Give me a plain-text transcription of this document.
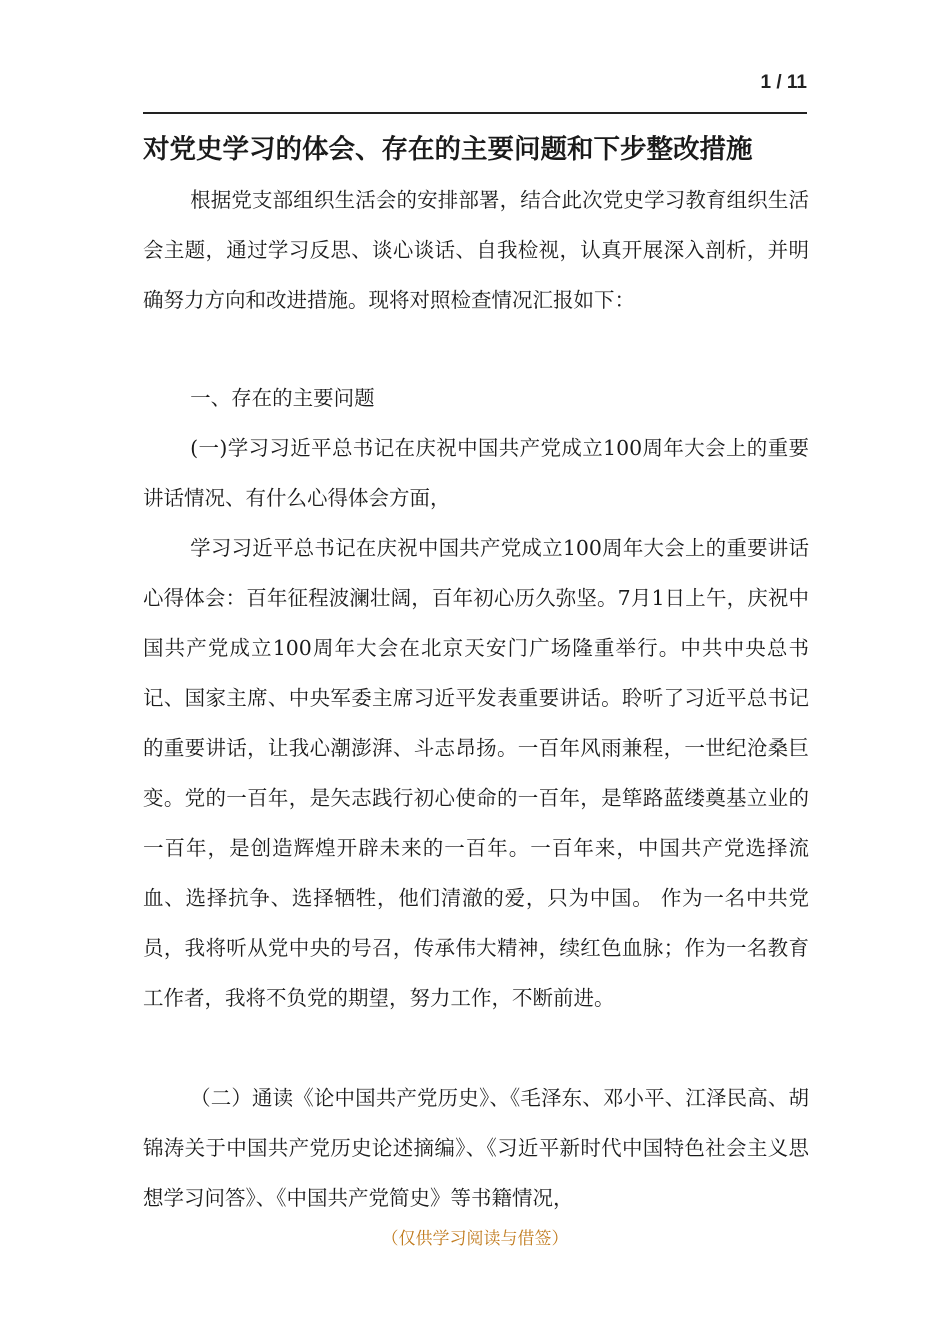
1 / 11
对党史学习的体会、存在的主要问题和下步整改措施

根据党支部组织生活会的安排部署，结合此次党史学习教育组织生活会主题，通过学习反思、谈心谈话、自我检视，认真开展深入剖析，并明确努力方向和改进措施。现将对照检查情况汇报如下：

一、存在的主要问题

(一)学习习近平总书记在庆祝中国共产党成立100周年大会上的重要讲话情况、有什么心得体会方面，

学习习近平总书记在庆祝中国共产党成立100周年大会上的重要讲话心得体会：百年征程波澜壮阔，百年初心历久弥坚。7月1日上午，庆祝中国共产党成立100周年大会在北京天安门广场隆重举行。中共中央总书记、国家主席、中央军委主席习近平发表重要讲话。聆听了习近平总书记的重要讲话，让我心潮澎湃、斗志昂扬。一百年风雨兼程，一世纪沧桑巨变。党的一百年，是矢志践行初心使命的一百年，是筚路蓝缕奠基立业的一百年，是创造辉煌开辟未来的一百年。一百年来，中国共产党选择流血、选择抗争、选择牺牲，他们清澈的爱，只为中国。 作为一名中共党员，我将听从党中央的号召，传承伟大精神，续红色血脉；作为一名教育工作者，我将不负党的期望，努力工作，不断前进。

（二）通读《论中国共产党历史》、《毛泽东、邓小平、江泽民高、胡锦涛关于中国共产党历史论述摘编》、《习近平新时代中国特色社会主义思想学习问答》、《中国共产党简史》等书籍情况，

（仅供学习阅读与借签）
